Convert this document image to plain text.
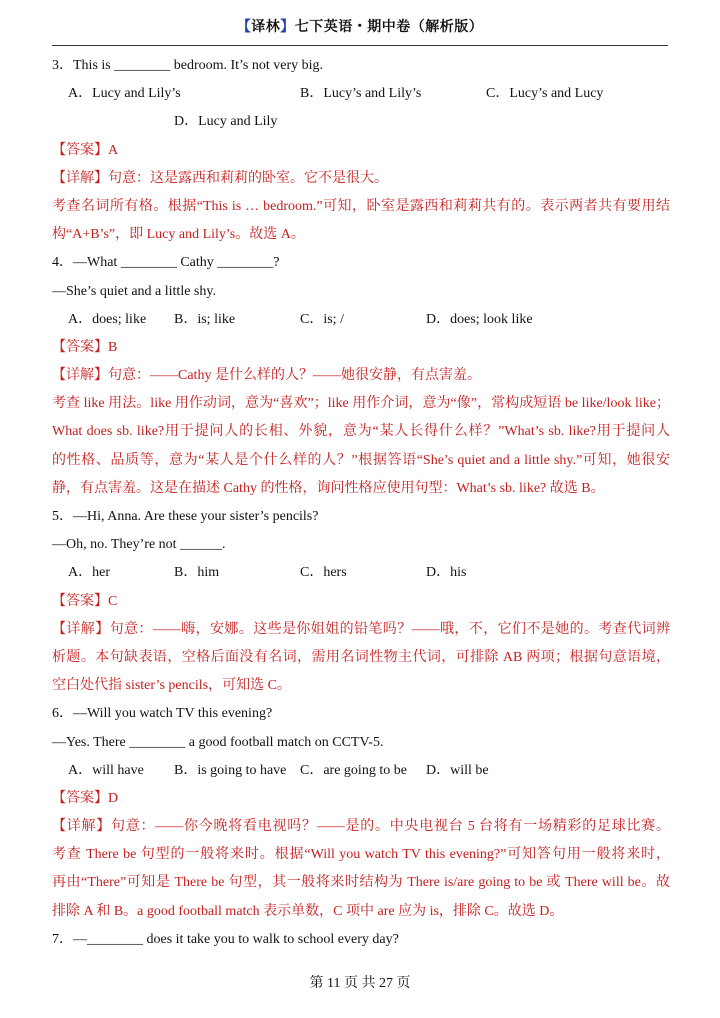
【译林】七下英语・期中卷（解析版）
3．This is ________ bedroom. It’s not very big.
A．Lucy and Lily’s	B．Lucy’s and Lily’s	C．Lucy’s and Lucy
D．Lucy and Lily
【答案】A
【详解】句意：这是露西和莉莉的卧室。它不是很大。
考查名词所有格。根据“This is … bedroom.”可知，卧室是露西和莉莉共有的。表示两者共有要用结
构“A+B’s”，即 Lucy and Lily’s。故选 A。
4．—What ________ Cathy ________?
—She’s quiet and a little shy.
A．does; like B．is; like	C．is; /	D．does; look like
【答案】B
【详解】句意：——Cathy 是什么样的人？——她很安静，有点害羞。
考查 like 用法。like 用作动词，意为“喜欢”；like 用作介词，意为“像”，常构成短语 be like/look like；
What does sb. like?用于提问人的长相、外貌，意为“某人长得什么样？”What’s sb. like?用于提问人
的性格、品质等，意为“某人是个什么样的人？”根据答语“She’s quiet and a little shy.”可知，她很安
静，有点害羞。这是在描述 Cathy 的性格，询问性格应使用句型：What’s sb. like? 故选 B。
5．—Hi, Anna. Are these your sister’s pencils?
—Oh, no. They’re not ______.
A．her	B．him	C．hers	D．his
【答案】C
【详解】句意：——嗨，安娜。这些是你姐姐的铅笔吗？——哦，不，它们不是她的。考查代词辨
析题。本句缺表语，空格后面没有名词，需用名词性物主代词，可排除 AB 两项；根据句意语境，
空白处代指 sister’s pencils，可知选 C。
6．—Will you watch TV this evening?
—Yes. There ________ a good football match on CCTV-5.
A．will have B．is going to have C．are going to be D．will be
【答案】D
【详解】句意：——你今晚将看电视吗？——是的。中央电视台 5 台将有一场精彩的足球比赛。
考查 There be 句型的一般将来时。根据“Will you watch TV this evening?”可知答句用一般将来时，
再由“There”可知是 There be 句型，其一般将来时结构为 There is/are going to be 或 There will be。故
排除 A 和 B。a good football match 表示单数，C 项中 are 应为 is，排除 C。故选 D。
7．—________ does it take you to walk to school every day?
第 11 页 共 27 页
